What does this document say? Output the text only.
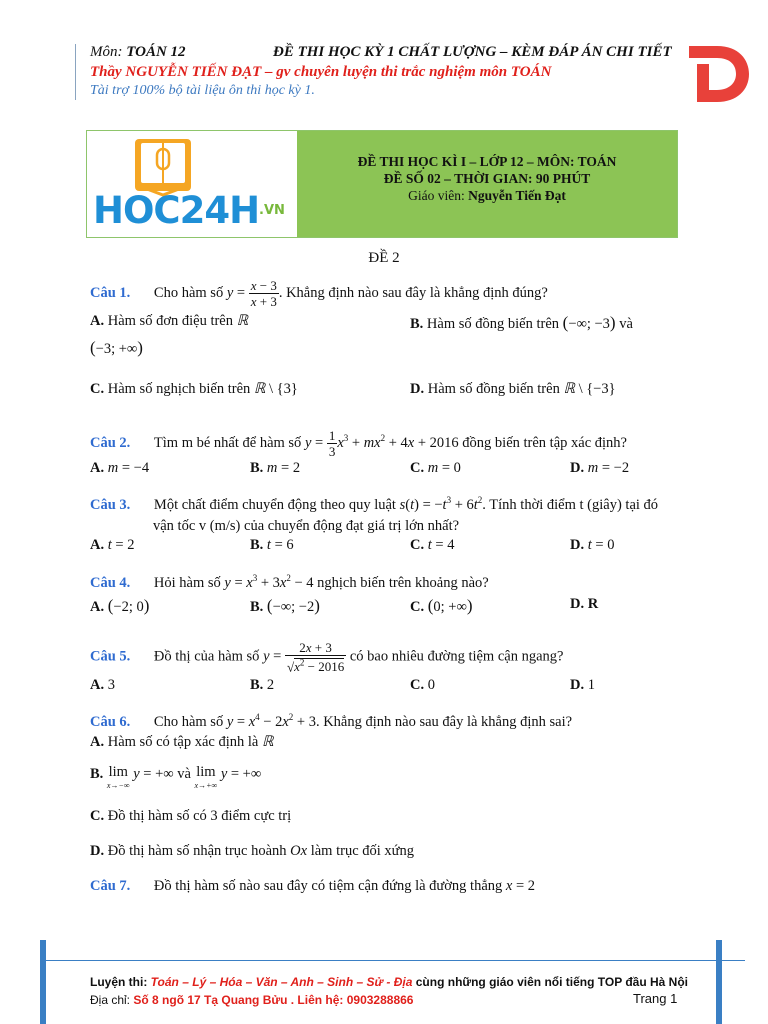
Môn: TOÁN 12	ĐỀ THI HỌC KỲ 1 CHẤT LƯỢNG – KÈM ĐÁP ÁN CHI TIẾT
Thầy NGUYỄN TIẾN ĐẠT – gv chuyên luyện thi trắc nghiệm môn TOÁN
Tài trợ 100% bộ tài liệu ôn thi học kỳ 1.
$HOC24H^{.VN}$
ĐỀ THI HỌC KÌ I – LỚP 12 – MÔN: TOÁN
ĐỀ SỐ 02 – THỜI GIAN: 90 PHÚT
Giáo viên: Nguyễn Tiến Đạt
ĐỀ 2
Câu 1. Cho hàm số $y = \frac{x - 3}{x + 3}$ . Khẳng định nào sau đây là khẳng định đúng?
A. Hàm số đơn điệu trên ℝ	B. Hàm số đồng biến trên (−∞; −3) và
(−3; +∞)
C. Hàm số nghịch biến trên ℝ \ {3}	D. Hàm số đồng biến trên ℝ \ {−3}
Câu 2. Tìm m bé nhất để hàm số $y = \frac{1}{3} x^3 + mx^2 + 4x + 2016$ đồng biến trên tập xác định?
A. m = −4	B. m = 2	C. m = 0	D. m = −2
Câu 3. Một chất điểm chuyển động theo quy luật $s(t) = -t^3 + 6t^2$. Tính thời điểm t (giây) tại đó
vận tốc v (m/s) của chuyển động đạt giá trị lớn nhất?
A. t = 2	B. t = 6	C. t = 4	D. t = 0
Câu 4. Hỏi hàm số $y = x^3 + 3x^2 - 4$ nghịch biến trên khoảng nào?
A. (−2; 0)	B. (−∞; −2)	C. (0; +∞)	D. R
Câu 5. Đồ thị của hàm số $y = \frac{2x + 3}{√x^2 - 2016}$ có bao nhiêu đường tiệm cận ngang?
A. 3	B. 2	C. 0	D. 1
Câu 6. Cho hàm số $y = x^4 - 2x^2 + 3$. Khẳng định nào sau đây là khẳng định sai?
A. Hàm số có tập xác định là ℝ
B. lim
x→−∞ y = +∞ và lim
x→+∞ y = +∞
C. Đồ thị hàm số có 3 điểm cực trị
D. Đồ thị hàm số nhận trục hoành Ox làm trục đối xứng
Câu 7. Đồ thị hàm số nào sau đây có tiệm cận đứng là đường thẳng x = 2
Luyện thi: Toán – Lý – Hóa – Văn – Anh – Sinh – Sử - Địa cùng những giáo viên nổi tiếng TOP đầu Hà Nội
Địa chỉ: Số 8 ngõ 17 Tạ Quang Bửu . Liên hệ: 0903288866	Trang 1
